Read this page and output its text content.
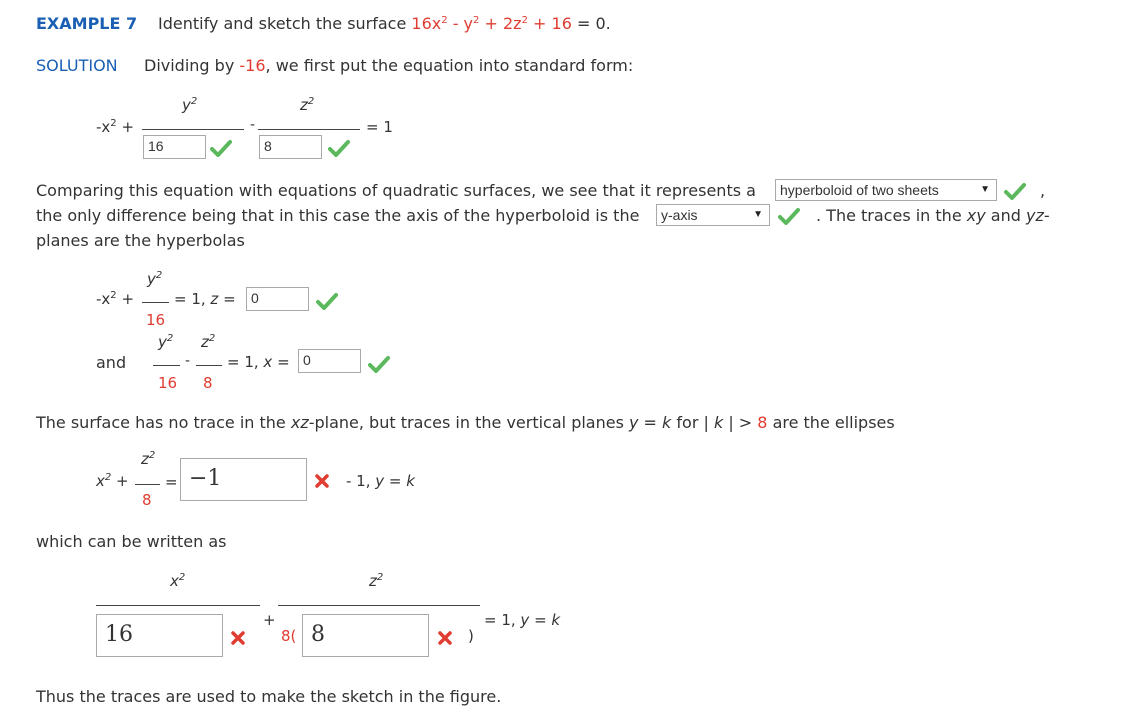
EXAMPLE 7 Identify and sketch the surface $16x^2 - y^2 + 2z^2 + 16 = 0$.
SOLUTION Dividing by -16, we first put the equation into standard form:
$-x^2$ +
$y^2$
-
$z^2$
= 1
16	8
Comparing this equation with equations of quadratic surfaces, we see that it represents a	hyperboloid of two sheets	▼	,
the only difference being that in this case the axis of the hyperboloid is the	y-axis	▼	. The traces in the xy and yz-
planes are the hyperbolas
$-x^2$ +
$y^2$
16
= 1, z =	0
and
$y^2$ $z^2$
-
16 8
= 1, x = 0
The surface has no trace in the xz-plane, but traces in the vertical planes y = k for | k | > 8 are the ellipses
$x^2$ +
$z^2$
8
= −1	- 1, y = k
which can be written as
$x^2$
+
$z^2$
= 1, y = k
16	8( 8	)
Thus the traces are used to make the sketch in the figure.
